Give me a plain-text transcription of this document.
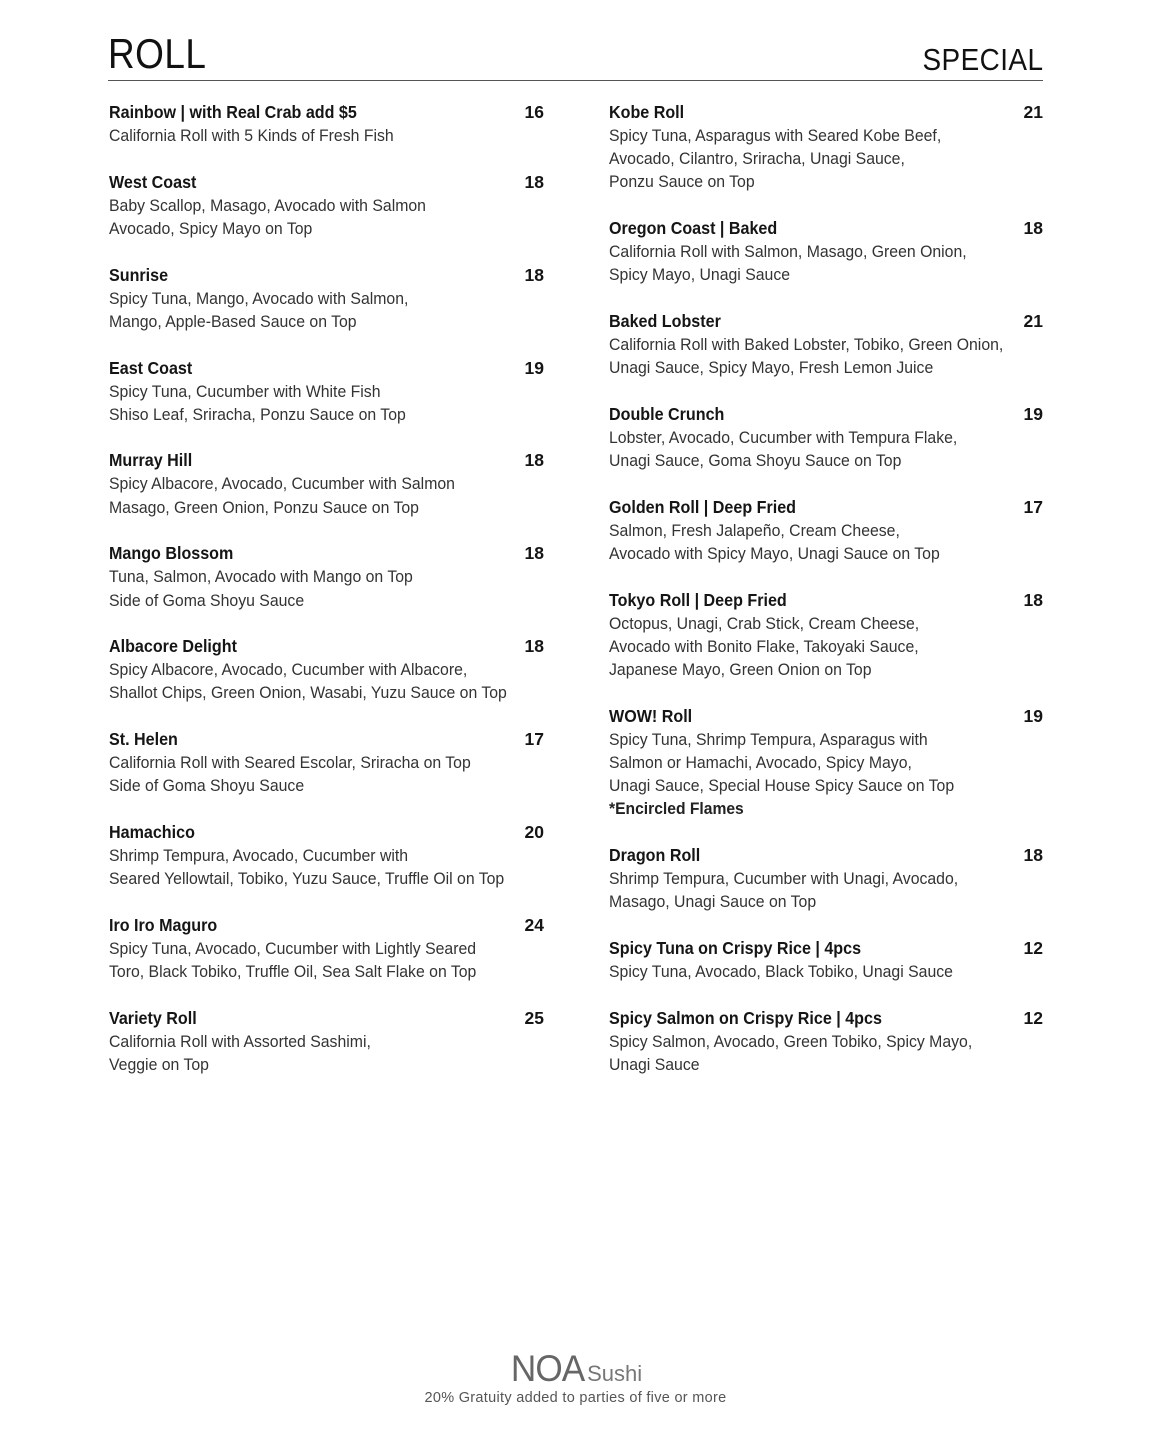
ROLL	SPECIAL
Rainbow | with Real Crab add $5	16
California Roll with 5 Kinds of Fresh Fish
West Coast	18
Baby Scallop, Masago, Avocado with Salmon
Avocado, Spicy Mayo on Top
Sunrise	18
Spicy Tuna, Mango, Avocado with Salmon,
Mango, Apple-Based Sauce on Top
East Coast	19
Spicy Tuna, Cucumber with White Fish
Shiso Leaf, Sriracha, Ponzu Sauce on Top
Murray Hill	18
Spicy Albacore, Avocado, Cucumber with Salmon
Masago, Green Onion, Ponzu Sauce on Top
Mango Blossom	18
Tuna, Salmon, Avocado with Mango on Top
Side of Goma Shoyu Sauce
Albacore Delight	18
Spicy Albacore, Avocado, Cucumber with Albacore,
Shallot Chips, Green Onion, Wasabi, Yuzu Sauce on Top
St. Helen	17
California Roll with Seared Escolar, Sriracha on Top
Side of Goma Shoyu Sauce
Hamachico	20
Shrimp Tempura, Avocado, Cucumber with
Seared Yellowtail, Tobiko, Yuzu Sauce, Truffle Oil on Top
Iro Iro Maguro	24
Spicy Tuna, Avocado, Cucumber with Lightly Seared
Toro, Black Tobiko, Truffle Oil, Sea Salt Flake on Top
Variety Roll	25
California Roll with Assorted Sashimi,
Veggie on Top
Kobe Roll	21
Spicy Tuna, Asparagus with Seared Kobe Beef,
Avocado, Cilantro, Sriracha, Unagi Sauce,
Ponzu Sauce on Top
Oregon Coast | Baked	18
California Roll with Salmon, Masago, Green Onion,
Spicy Mayo, Unagi Sauce
Baked Lobster	21
California Roll with Baked Lobster, Tobiko, Green Onion,
Unagi Sauce, Spicy Mayo, Fresh Lemon Juice
Double Crunch	19
Lobster, Avocado, Cucumber with Tempura Flake,
Unagi Sauce, Goma Shoyu Sauce on Top
Golden Roll | Deep Fried	17
Salmon, Fresh Jalapeño, Cream Cheese,
Avocado with Spicy Mayo, Unagi Sauce on Top
Tokyo Roll | Deep Fried	18
Octopus, Unagi, Crab Stick, Cream Cheese,
Avocado with Bonito Flake, Takoyaki Sauce,
Japanese Mayo, Green Onion on Top
WOW! Roll	19
Spicy Tuna, Shrimp Tempura, Asparagus with
Salmon or Hamachi, Avocado, Spicy Mayo,
Unagi Sauce, Special House Spicy Sauce on Top
*Encircled Flames
Dragon Roll	18
Shrimp Tempura, Cucumber with Unagi, Avocado,
Masago, Unagi Sauce on Top
Spicy Tuna on Crispy Rice | 4pcs	12
Spicy Tuna, Avocado, Black Tobiko, Unagi Sauce
Spicy Salmon on Crispy Rice | 4pcs	12
Spicy Salmon, Avocado, Green Tobiko, Spicy Mayo,
Unagi Sauce
NOA Sushi
20% Gratuity added to parties of five or more
